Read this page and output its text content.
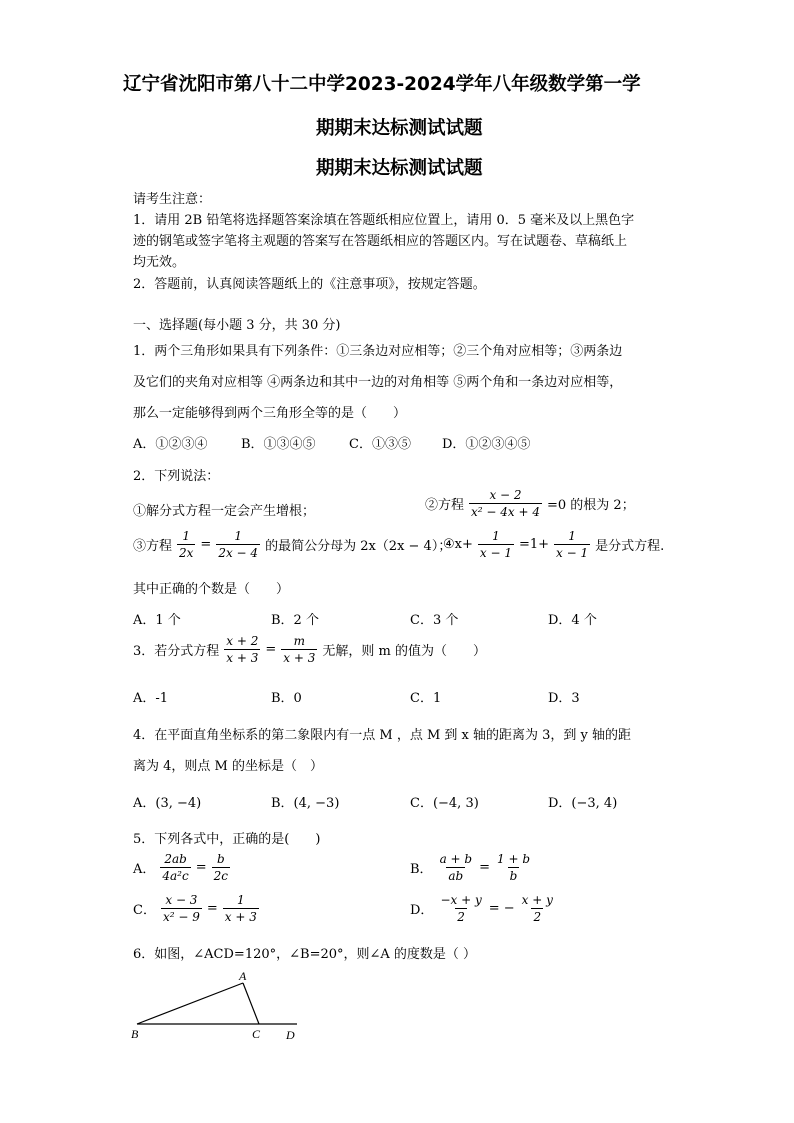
辽宁省沈阳市第八十二中学2023-2024学年八年级数学第一学
期期末达标测试试题
期期末达标测试试题
请考生注意：
1．请用 2B 铅笔将选择题答案涂填在答题纸相应位置上，请用 0．5 毫米及以上黑色字
迹的钢笔或签字笔将主观题的答案写在答题纸相应的答题区内。写在试题卷、草稿纸上
均无效。
2．答题前，认真阅读答题纸上的《注意事项》，按规定答题。
一、选择题(每小题 3 分，共 30 分)
1．两个三角形如果具有下列条件：①三条边对应相等；②三个角对应相等；③两条边
及它们的夹角对应相等 ④两条边和其中一边的对角相等 ⑤两个角和一条边对应相等，
那么一定能够得到两个三角形全等的是（　　）
A．①②③④	B．①③④⑤	C．①③⑤ D．①②③④⑤
2．下列说法：
①解分式方程一定会产生增根；	②方程 $\frac{x - 2}{\text{x² − 4x + 4}} =0$ 的根为 2；
③方程 $\frac{1}{2x} = \frac{1}{2x - 4}$ 的最简公分母为 2x（2x − 4）；
④x+ $\frac{1}{x - 1} =1+ \frac{1}{x - 1}$ 是分式方程.
其中正确的个数是（　　）
A．1 个	B．2 个	C．3 个	D．4 个
3．若分式方程 $\frac{x + 2}{x + 3} = \frac{m}{x + 3}$ 无解，则 m 的值为（　　）
A．-1	B．0	C．1	D．3
4．在平面直角坐标系的第二象限内有一点 M ，点 M 到 x 轴的距离为 3，到 y 轴的距
离为 4，则点 M 的坐标是（　）
A．(3, −4)	B．(4, −3)	C．(−4, 3)	D．(−3, 4)
5．下列各式中，正确的是(　　)
A． $\frac{2ab}{\text{4a²c}} = \frac{b}{2c}$	B． $\frac{a + b}{ab} = \frac{1 + b}{b}$
C． $\frac{x - 3}{\text{x² − 9}} = \frac{1}{x + 3}$	D． $\frac{-x + y}{2}$ = − $\frac{x + y}{2}$
6．如图，∠ACD=120°，∠B=20°，则∠A 的度数是（ ）
A
B	C D
